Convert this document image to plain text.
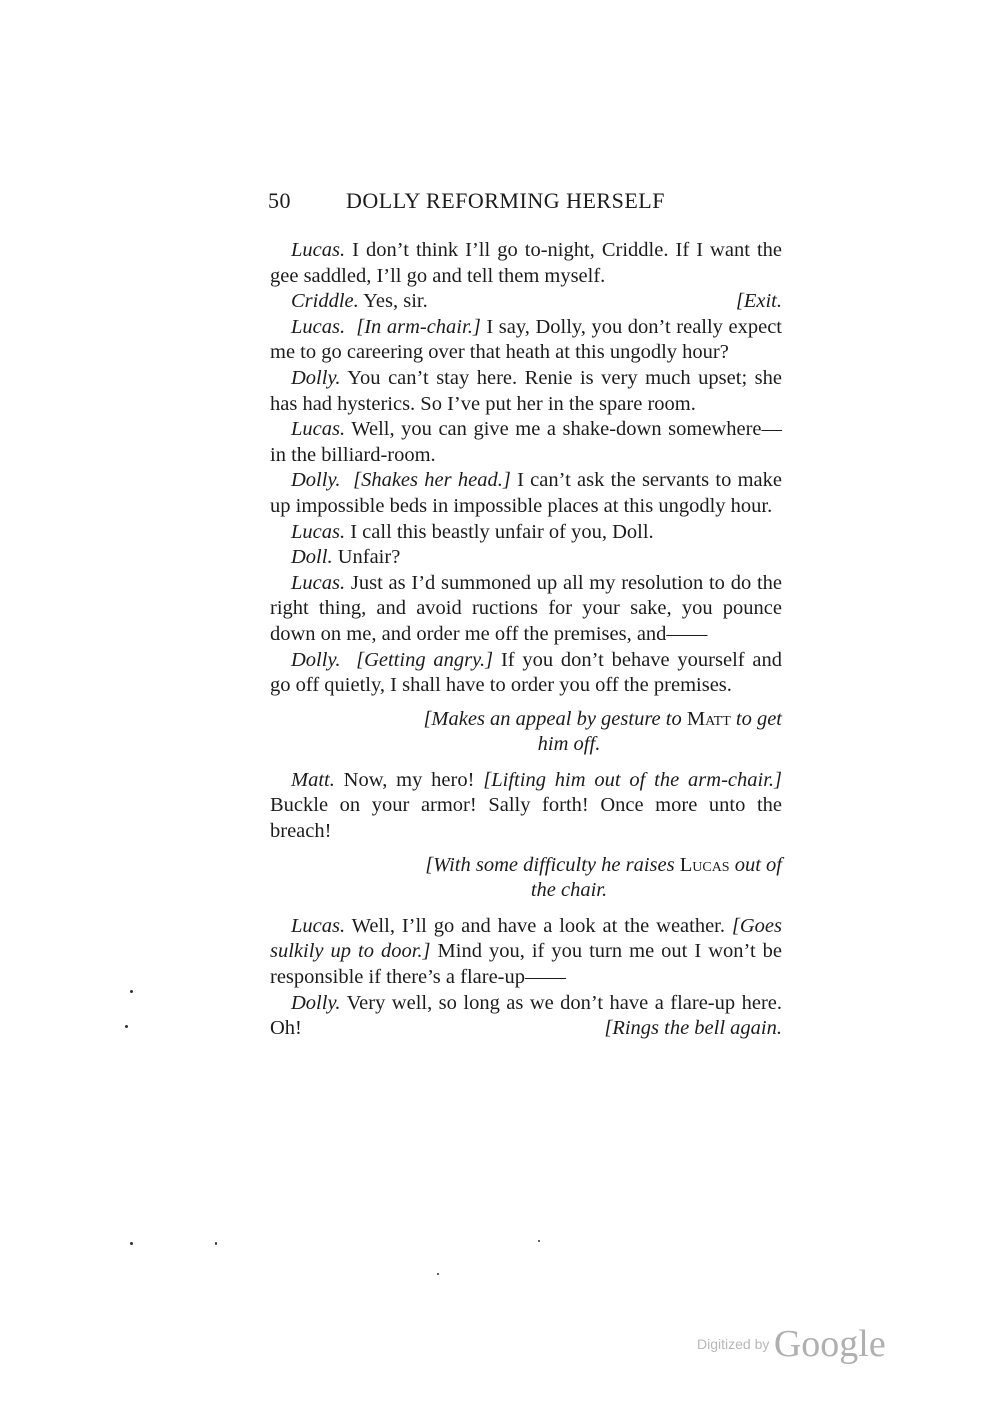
50	DOLLY REFORMING HERSELF

Lucas. I don’t think I’ll go to-night, Criddle. If I want the gee saddled, I’ll go and tell them myself.

Criddle. Yes, sir.	[Exit.

Lucas. [In arm-chair.] I say, Dolly, you don’t really expect me to go careering over that heath at this ungodly hour?

Dolly. You can’t stay here. Renie is very much upset; she has had hysterics. So I’ve put her in the spare room.

Lucas. Well, you can give me a shake-down somewhere—in the billiard-room.

Dolly. [Shakes her head.] I can’t ask the servants to make up impossible beds in impossible places at this ungodly hour.

Lucas. I call this beastly unfair of you, Doll.

Doll. Unfair?

Lucas. Just as I’d summoned up all my resolution to do the right thing, and avoid ructions for your sake, you pounce down on me, and order me off the premises, and——

Dolly. [Getting angry.] If you don’t behave yourself and go off quietly, I shall have to order you off the premises.

[Makes an appeal by gesture to Matt to get
him off.

Matt. Now, my hero! [Lifting him out of the arm-chair.] Buckle on your armor! Sally forth! Once more unto the breach!

[With some difficulty he raises Lucas out of
the chair.

Lucas. Well, I’ll go and have a look at the weather. [Goes sulkily up to door.] Mind you, if you turn me out I won’t be responsible if there’s a flare-up——

Dolly. Very well, so long as we don’t have a flare-up here. Oh!	[Rings the bell again.

Digitized by Google
